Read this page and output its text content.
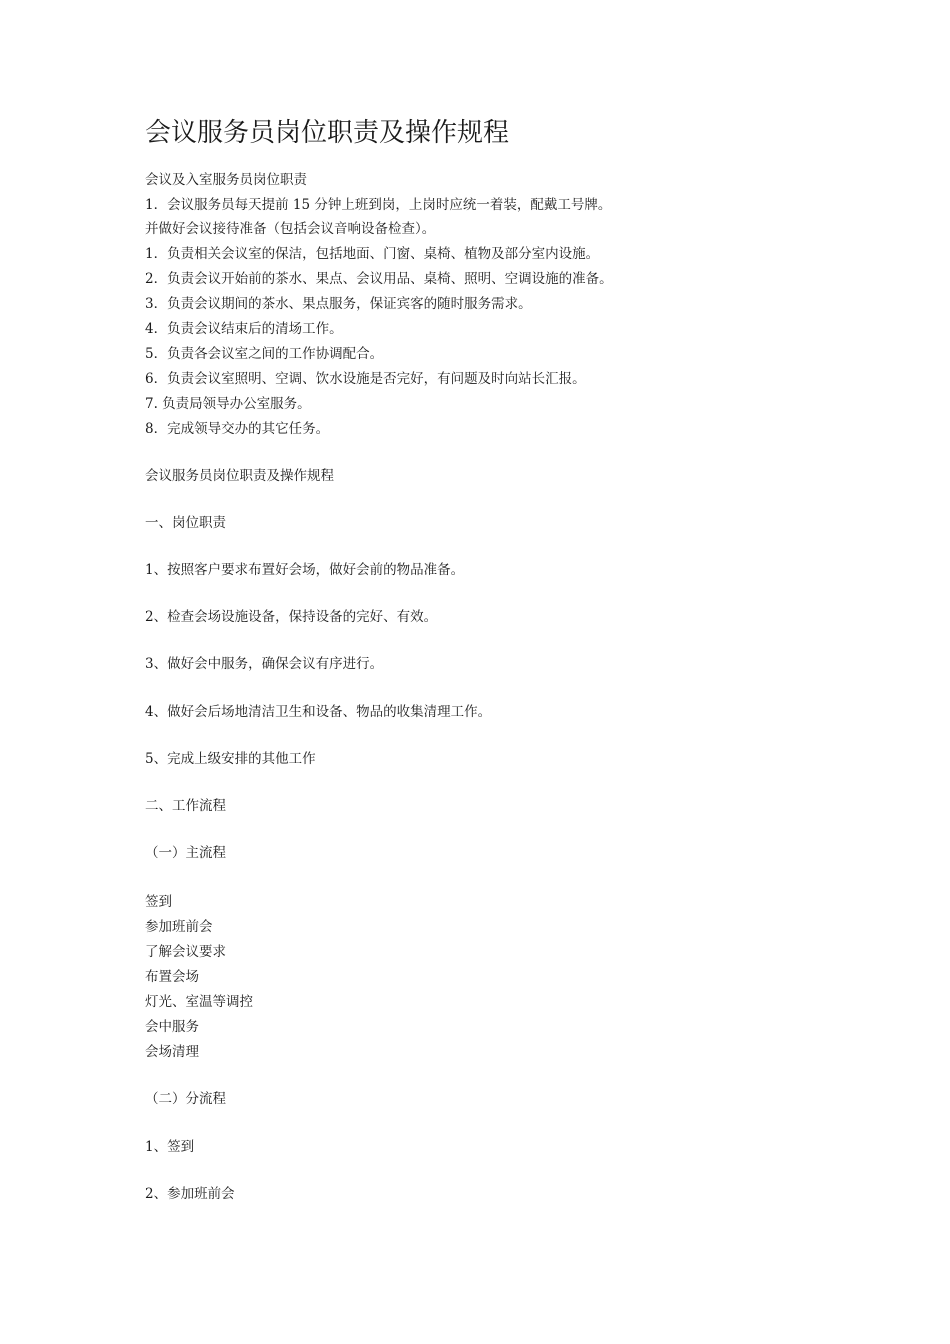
会议服务员岗位职责及操作规程

会议及入室服务员岗位职责

1．会议服务员每天提前 15 分钟上班到岗，上岗时应统一着装，配戴工号牌。

并做好会议接待准备（包括会议音响设备检查）。

1．负责相关会议室的保洁，包括地面、门窗、桌椅、植物及部分室内设施。

2．负责会议开始前的茶水、果点、会议用品、桌椅、照明、空调设施的准备。

3．负责会议期间的茶水、果点服务，保证宾客的随时服务需求。

4．负责会议结束后的清场工作。

5．负责各会议室之间的工作协调配合。

6．负责会议室照明、空调、饮水设施是否完好，有问题及时向站长汇报。

7. 负责局领导办公室服务。

8．完成领导交办的其它任务。

会议服务员岗位职责及操作规程

一、岗位职责

1、按照客户要求布置好会场，做好会前的物品准备。

2、检查会场设施设备，保持设备的完好、有效。

3、做好会中服务，确保会议有序进行。

4、做好会后场地清洁卫生和设备、物品的收集清理工作。

5、完成上级安排的其他工作

二、工作流程

（一）主流程

签到

参加班前会

了解会议要求

布置会场

灯光、室温等调控

会中服务

会场清理

（二）分流程

1、签到

2、参加班前会
